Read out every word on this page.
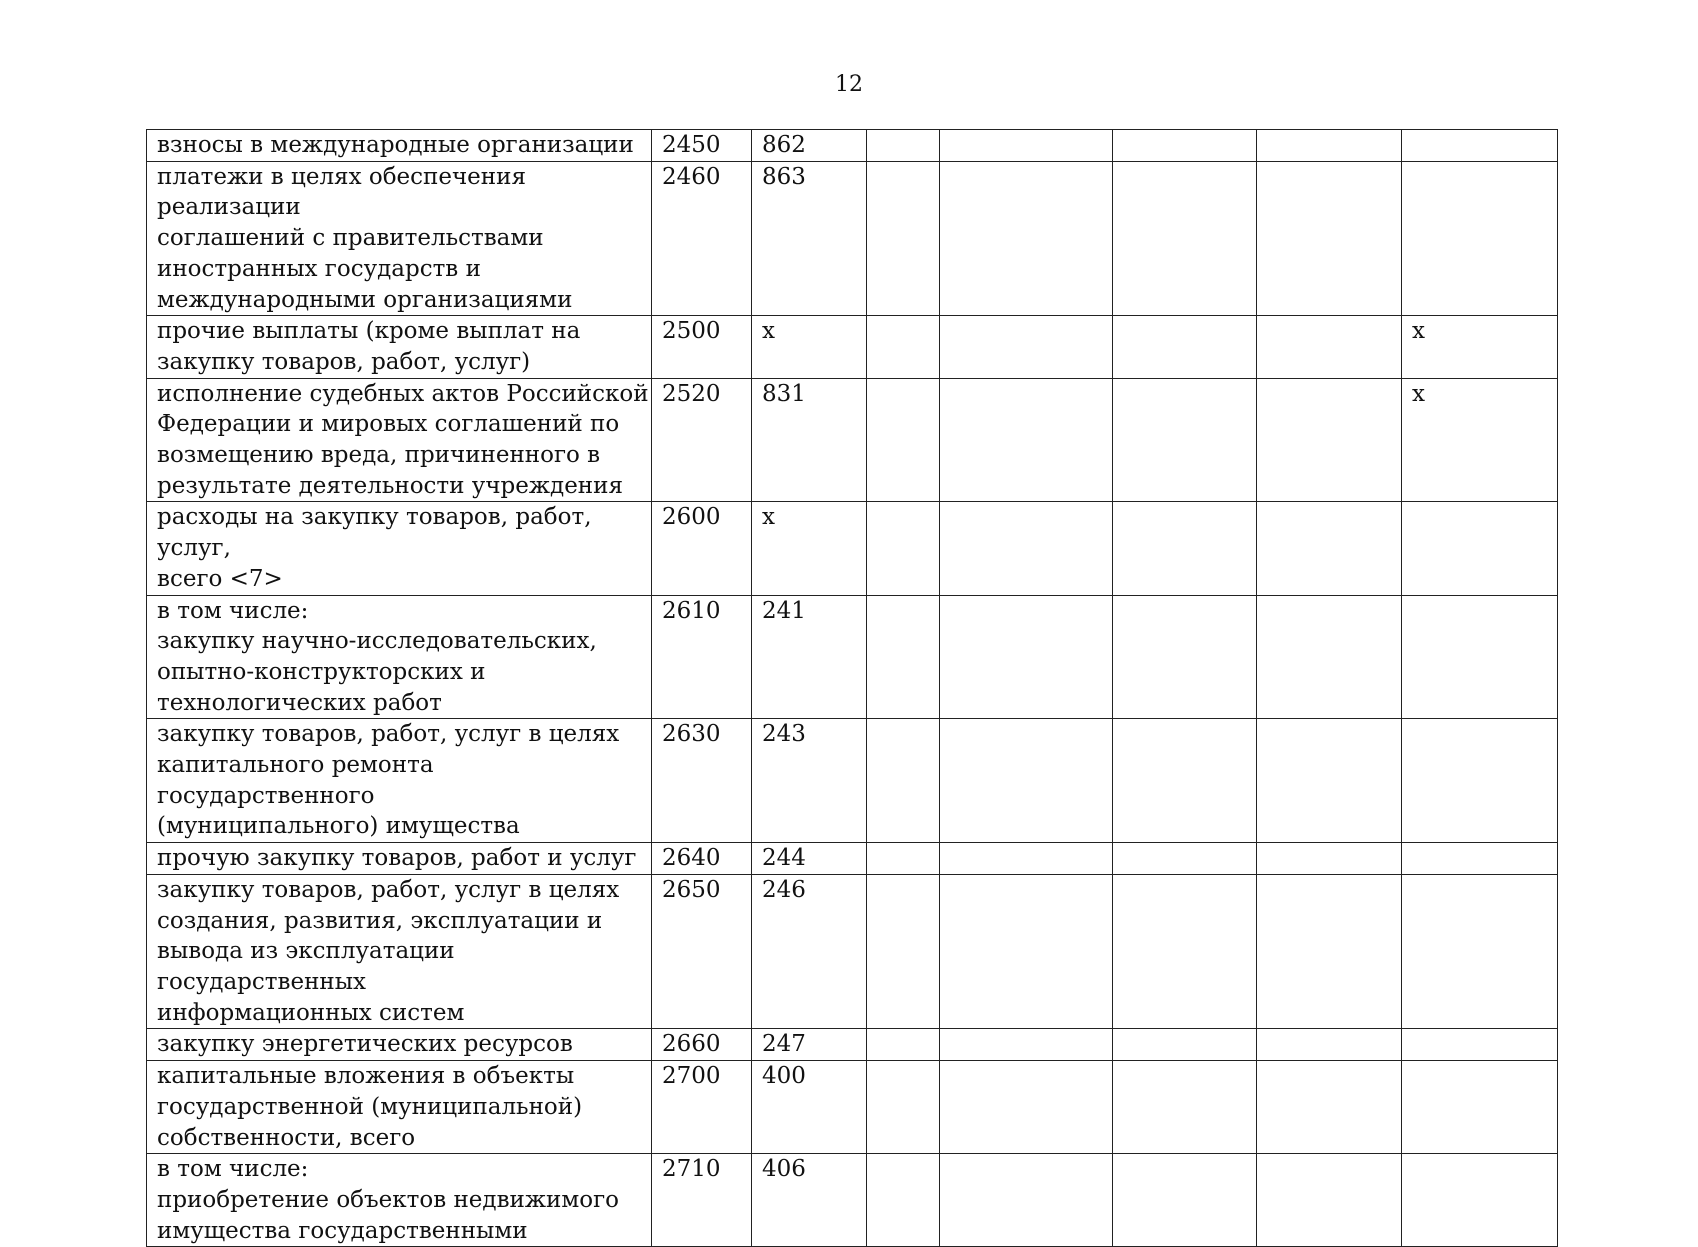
12
взносы в международные организации	2450	862					
платежи в целях обеспечения реализации
соглашений с правительствами
иностранных государств и
международными организациями	2460	863					
прочие выплаты (кроме выплат на
закупку товаров, работ, услуг)	2500	x					x
исполнение судебных актов Российской
Федерации и мировых соглашений по
возмещению вреда, причиненного в
результате деятельности учреждения	2520	831					x
расходы на закупку товаров, работ, услуг,
всего <7>	2600	x					
в том числе:
закупку научно-исследовательских,
опытно-конструкторских и
технологических работ	2610	241					
закупку товаров, работ, услуг в целях
капитального ремонта государственного
(муниципального) имущества	2630	243					
прочую закупку товаров, работ и услуг	2640	244					
закупку товаров, работ, услуг в целях
создания, развития, эксплуатации и
вывода из эксплуатации государственных
информационных систем	2650	246					
закупку энергетических ресурсов	2660	247					
капитальные вложения в объекты
государственной (муниципальной)
собственности, всего	2700	400					
в том числе:
приобретение объектов недвижимого
имущества государственными	2710	406					
